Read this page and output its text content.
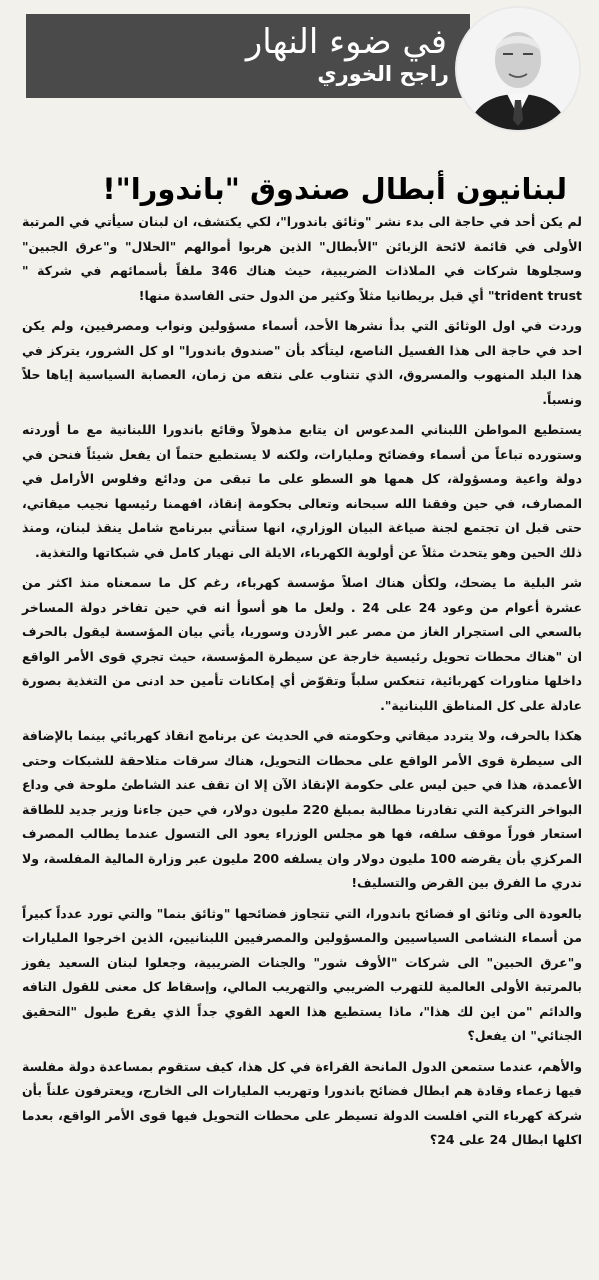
في ضوء النهار
راجح الخوري
لبنانيون أبطال صندوق "باندورا"!

لم يكن أحد في حاجة الى بدء نشر "وثائق باندورا"، لكي يكتشف، ان لبنان سيأتي في المرتبة الأولى في قائمة لائحة الزبائن "الأبطال" الذين هربوا أموالهم "الحلال" و"عرق الجبين" وسجلوها شركات في الملاذات الضريبية، حيث هناك 346 ملفاً بأسمائهم في شركة " trident trust" أي قبل بريطانيا مثلاً وكثير من الدول حتى الفاسدة منها!

وردت في اول الوثائق التي بدأ نشرها الأحد، أسماء مسؤولين ونواب ومصرفيين، ولم يكن احد في حاجة الى هذا الفسيل الناصع، ليتأكد بأن "صندوق باندورا" او كل الشرور، يتركز في هذا البلد المنهوب والمسروق، الذي تتناوب على نتفه من زمان، العصابة السياسية إياها حلاً ونسباً.

يستطيع المواطن اللبناني المدعوس ان يتابع مذهولاً وقائع باندورا اللبنانية مع ما أوردته وستورده تباعاً من أسماء وفضائح ومليارات، ولكنه لا يستطيع حتماً ان يفعل شيئاً فنحن في دولة واعية ومسؤولة، كل همها هو السطو على ما تبقى من ودائع وفلوس الأرامل في المصارف، في حين وفقنا الله سبحانه وتعالى بحكومة إنقاذ، افهمنا رئيسها نجيب ميقاتي، حتى قبل ان تجتمع لجنة صياغة البيان الوزاري، انها ستأتي ببرنامج شامل ينقذ لبنان، ومنذ ذلك الحين وهو يتحدث مثلاً عن أولوية الكهرباء، الايلة الى نهيار كامل في شبكاتها والتغذية.

شر البلية ما يضحك، ولكأن هناك اصلاً مؤسسة كهرباء، رغم كل ما سمعناه منذ اكثر من عشرة أعوام من وعود 24 على 24 . ولعل ما هو أسوأ انه في حين تفاخر دولة المساخر بالسعي الى استجرار الغاز من مصر عبر الأردن وسوريا، يأتي بيان المؤسسة ليقول بالحرف ان "هناك محطات تحويل رئيسية خارجة عن سيطرة المؤسسة، حيث تجري قوى الأمر الواقع داخلها مناورات كهربائية، تنعكس سلباً وتقوّض أي إمكانات تأمين حد ادنى من التغذية بصورة عادلة على كل المناطق اللبنانية".

هكذا بالحرف، ولا يتردد ميقاتي وحكومته في الحديث عن برنامج انقاذ كهربائي بينما بالإضافة الى سيطرة قوى الأمر الواقع على محطات التحويل، هناك سرقات متلاحقة للشبكات وحتى الأعمدة، هذا في حين ليس على حكومة الإنقاذ الآن إلا ان تقف عند الشاطئ ملوحة في وداع البواخر التركية التي تفادرنا مطالبة بمبلغ 220 مليون دولار، في حين جاءنا وزير جديد للطاقة استعار فوراً موقف سلفه، فها هو مجلس الوزراء يعود الى التسول عندما يطالب المصرف المركزي بأن يقرضه 100 مليون دولار وان يسلفه 200 مليون عبر وزارة المالية المفلسة، ولا ندري ما الفرق بين القرض والتسليف!

بالعودة الى وثائق او فضائح باندورا، التي تتجاوز فضائحها "وثائق بنما" والتي تورد عدداً كبيراً من أسماء النشامى السياسيين والمسؤولين والمصرفيين اللبنانيين، الذين اخرجوا المليارات و"عرق الحبين" الى شركات "الأوف شور" والجنات الضريبية، وجعلوا لبنان السعيد يفوز بالمرتبة الأولى العالمية للتهرب الضريبي والتهريب المالي، وإسقاط كل معنى للقول التافه والدائم "من اين لك هذا"، ماذا يستطيع هذا العهد القوي جداً الذي يقرع طبول "التحقيق الجنائي" ان يفعل؟

والأهم، عندما ستمعن الدول المانحة القراءة في كل هذا، كيف ستقوم بمساعدة دولة مفلسة فيها زعماء وقادة هم ابطال فضائح باندورا وتهريب المليارات الى الخارج، ويعترفون علناً بأن شركة كهرباء التي افلست الدولة تسيطر على محطات التحويل فيها قوى الأمر الواقع، بعدما اكلها ابطال 24 على 24؟
